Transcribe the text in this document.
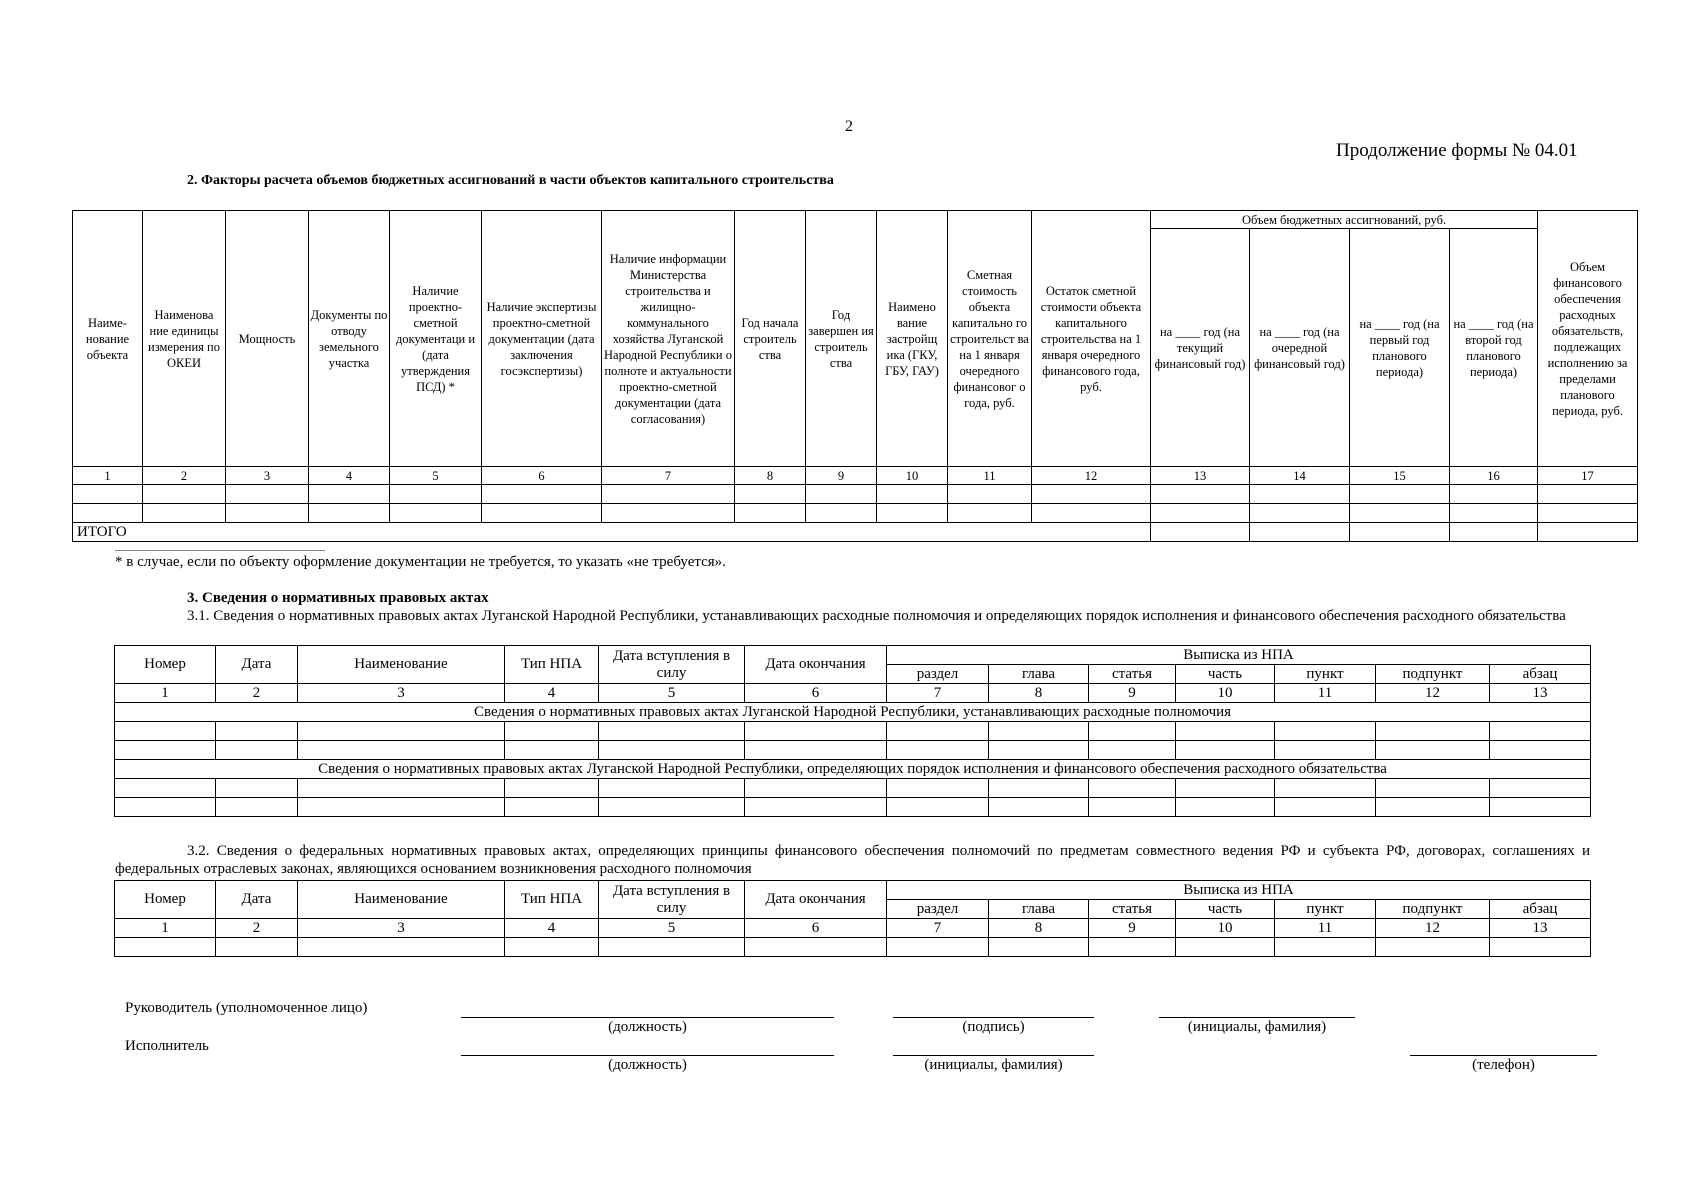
2
Продолжение формы № 04.01
2. Факторы расчета объемов бюджетных ассигнований в части объектов капитального строительства
Наиме-нование объекта	Наименова ние единицы измерения по ОКЕИ	Мощность	Документы по отводу земельного участка	Наличие проектно-сметной документаци и (дата утверждения ПСД) *	Наличие экспертизы проектно-сметной документации (дата заключения госэкспертизы)	Наличие информации Министерства строительства и жилищно-коммунального хозяйства Луганской Народной Республики о полноте и актуальности проектно-сметной документации (дата согласования)	Год начала строитель ства	Год завершен ия строитель ства	Наимено вание застройщ ика (ГКУ, ГБУ, ГАУ)	Сметная стоимость объекта капитально го строительст ва на 1 января очередного финансовог о года, руб.	Остаток сметной стоимости объекта капитального строительства на 1 января очередного финансового года, руб.	Объем бюджетных ассигнований, руб.				Объем финансового обеспечения расходных обязательств, подлежащих исполнению за пределами планового периода, руб.
												на ____ год (на текущий финансовый год)	на ____ год (на очередной финансовый год)	на ____ год (на первый год планового периода)	на ____ год (на второй год планового периода)	
1	2	3	4	5	6	7	8	9	10	11	12	13	14	15	16	17

ИТОГО																
* в случае, если по объекту оформление документации не требуется, то указать «не требуется».
3. Сведения о нормативных правовых актах
3.1. Сведения о нормативных правовых актах Луганской Народной Республики, устанавливающих расходные полномочия и определяющих порядок исполнения и финансового обеспечения расходного обязательства
Номер	Дата	Наименование	Тип НПА	Дата вступления в силу	Дата окончания	Выписка из НПА						
						раздел	глава	статья	часть	пункт	подпункт	абзац
1	2	3	4	5	6	7	8	9	10	11	12	13
Сведения о нормативных правовых актах Луганской Народной Республики, устанавливающих расходные полномочия												

Сведения о нормативных правовых актах Луганской Народной Республики, определяющих порядок исполнения и финансового обеспечения расходного обязательства												

3.2. Сведения о федеральных нормативных правовых актах, определяющих принципы финансового обеспечения полномочий по предметам совместного ведения РФ и субъекта РФ, договорах, соглашениях и федеральных отраслевых законах, являющихся основанием возникновения расходного полномочия
Номер	Дата	Наименование	Тип НПА	Дата вступления в силу	Дата окончания	Выписка из НПА						
						раздел	глава	статья	часть	пункт	подпункт	абзац
1	2	3	4	5	6	7	8	9	10	11	12	13

Руководитель (уполномоченное лицо)
Исполнитель
(должность)	(подпись)	(инициалы, фамилия)
(должность)	(инициалы, фамилия)	(телефон)
